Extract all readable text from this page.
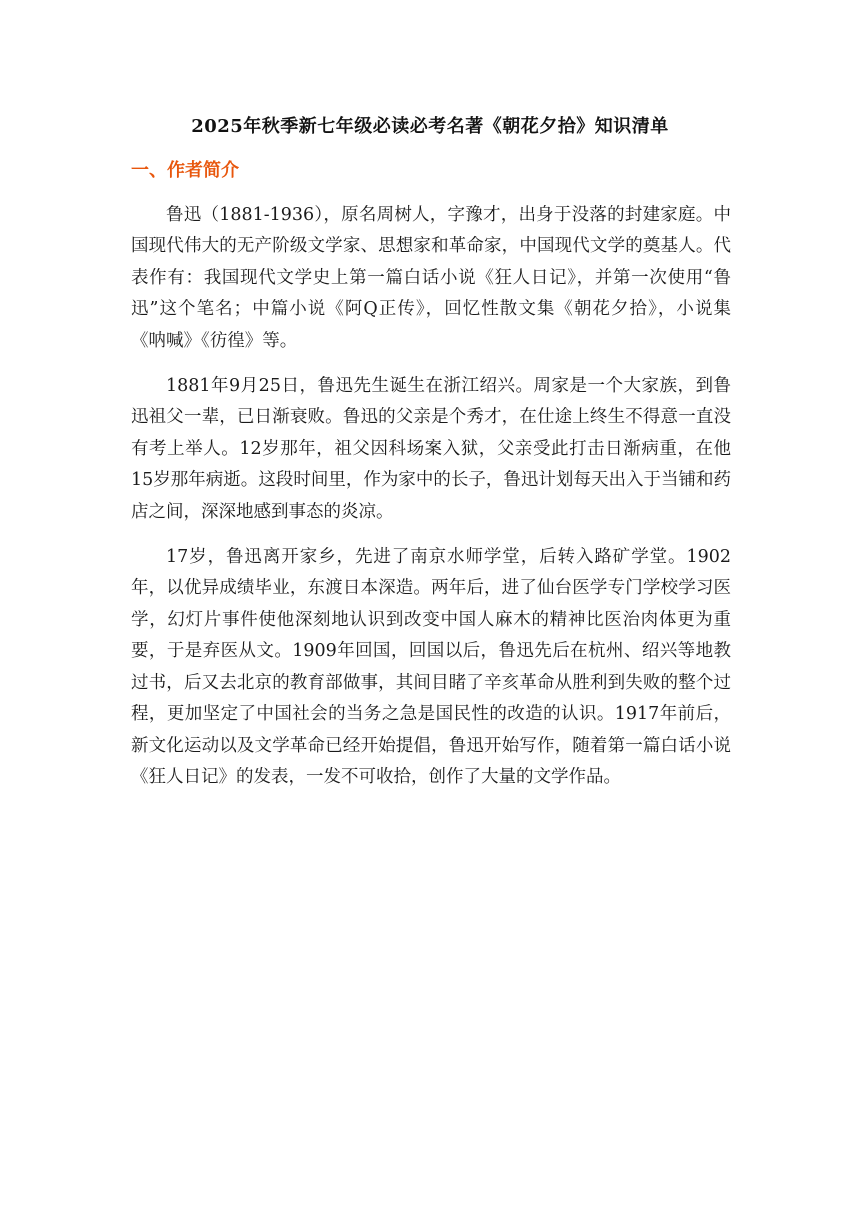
2025年秋季新七年级必读必考名著《朝花夕拾》知识清单
一、作者简介

鲁迅（1881-1936），原名周树人，字豫才，出身于没落的封建家庭。中国现代伟大的无产阶级文学家、思想家和革命家，中国现代文学的奠基人。代表作有：我国现代文学史上第一篇白话小说《狂人日记》，并第一次使用“鲁迅”这个笔名；中篇小说《阿Q正传》，回忆性散文集《朝花夕拾》，小说集《呐喊》《彷徨》等。

1881年9月25日，鲁迅先生诞生在浙江绍兴。周家是一个大家族，到鲁迅祖父一辈，已日渐衰败。鲁迅的父亲是个秀才，在仕途上终生不得意一直没有考上举人。12岁那年，祖父因科场案入狱，父亲受此打击日渐病重，在他15岁那年病逝。这段时间里，作为家中的长子，鲁迅计划每天出入于当铺和药店之间，深深地感到事态的炎凉。

17岁，鲁迅离开家乡，先进了南京水师学堂，后转入路矿学堂。1902年，以优异成绩毕业，东渡日本深造。两年后，进了仙台医学专门学校学习医学，幻灯片事件使他深刻地认识到改变中国人麻木的精神比医治肉体更为重要，于是弃医从文。1909年回国，回国以后，鲁迅先后在杭州、绍兴等地教过书，后又去北京的教育部做事，其间目睹了辛亥革命从胜利到失败的整个过程，更加坚定了中国社会的当务之急是国民性的改造的认识。1917年前后，新文化运动以及文学革命已经开始提倡，鲁迅开始写作，随着第一篇白话小说《狂人日记》的发表，一发不可收拾，创作了大量的文学作品。
